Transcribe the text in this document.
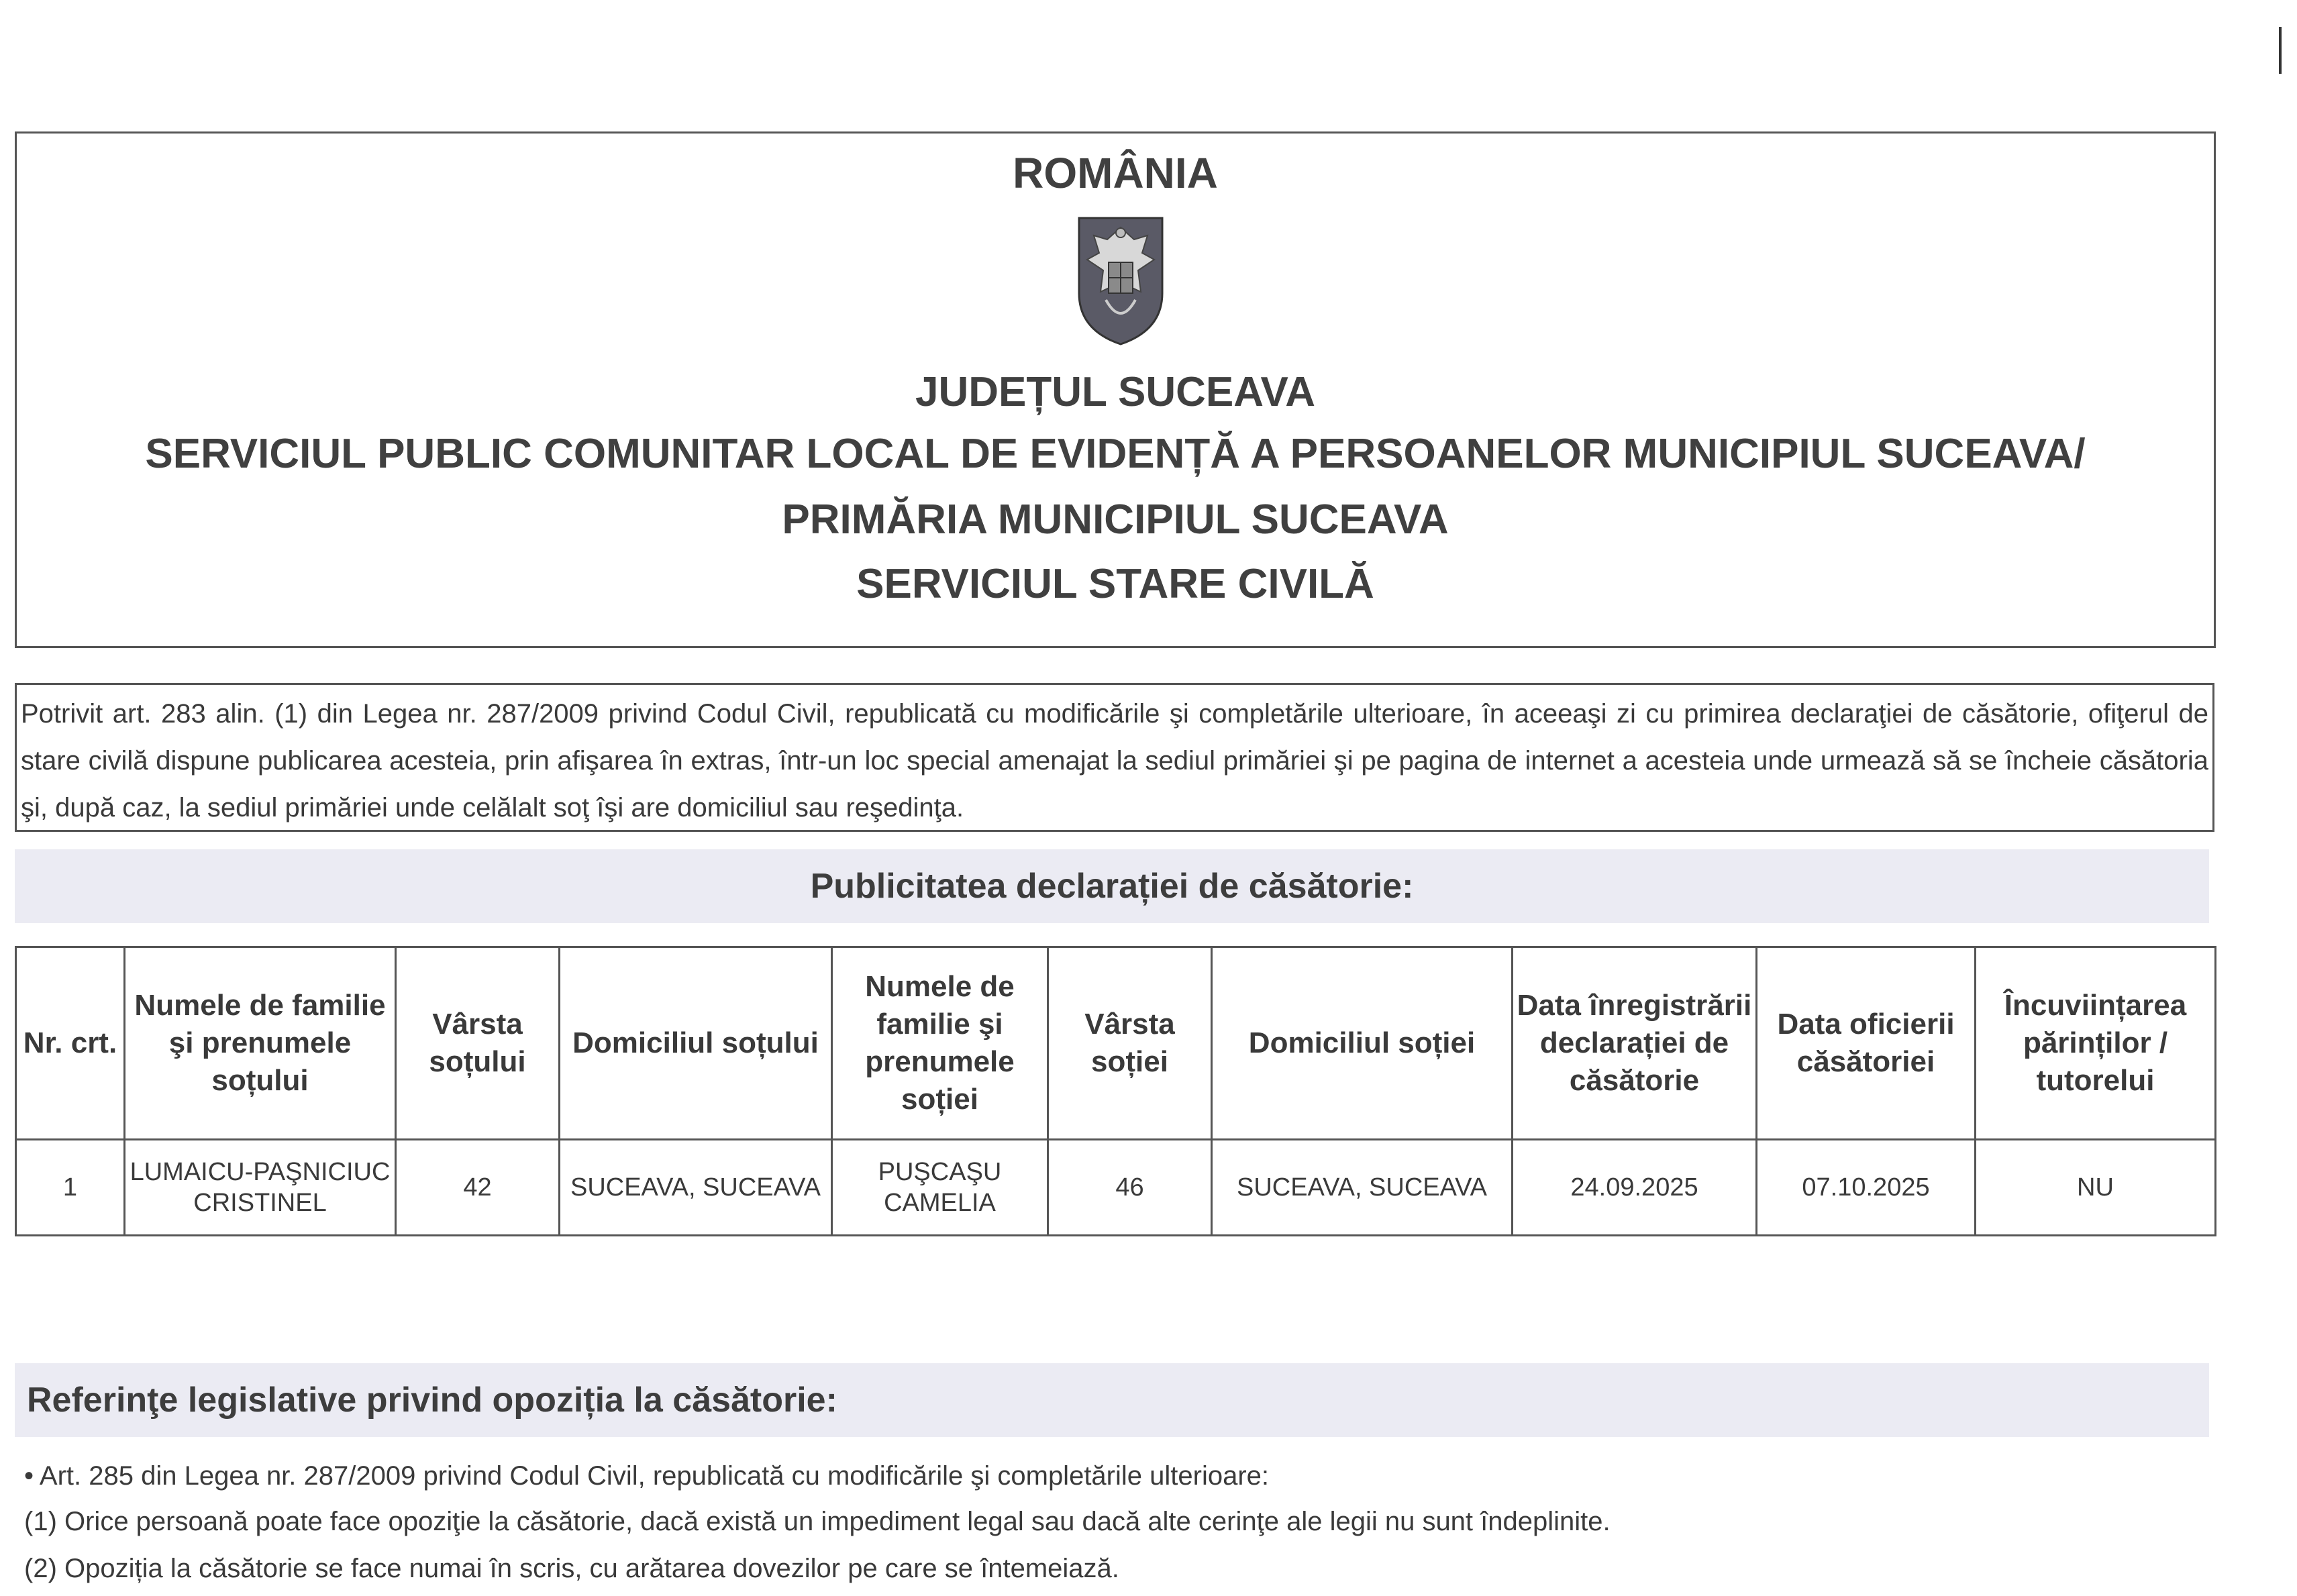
ROMÂNIA
JUDEȚUL SUCEAVA
SERVICIUL PUBLIC COMUNITAR LOCAL DE EVIDENȚĂ A PERSOANELOR MUNICIPIUL SUCEAVA/
PRIMĂRIA MUNICIPIUL SUCEAVA
SERVICIUL STARE CIVILĂ
Potrivit art. 283 alin. (1) din Legea nr. 287/2009 privind Codul Civil, republicată cu modificările şi completările ulterioare, în aceeaşi zi cu primirea declaraţiei de căsătorie, ofiţerul de stare civilă dispune publicarea acesteia, prin afişarea în extras, într-un loc special amenajat la sediul primăriei şi pe pagina de internet a acesteia unde urmează să se încheie căsătoria şi, după caz, la sediul primăriei unde celălalt soţ îşi are domiciliul sau reşedinţa.
Publicitatea declarației de căsătorie:
Nr. crt.	Numele de familie şi prenumele soțului	Vârsta soțului	Domiciliul soțului	Numele de familie şi prenumele soției	Vârsta soției	Domiciliul soției	Data înregistrării declarației de căsătorie	Data oficierii căsătoriei	Încuviințarea părinților / tutorelui
1	LUMAICU-PAŞNICIUC CRISTINEL	42	SUCEAVA, SUCEAVA	PUŞCAŞU CAMELIA	46	SUCEAVA, SUCEAVA	24.09.2025	07.10.2025	NU
Referinţe legislative privind opoziția la căsătorie:
• Art. 285 din Legea nr. 287/2009 privind Codul Civil, republicată cu modificările şi completările ulterioare:
(1) Orice persoană poate face opoziţie la căsătorie, dacă există un impediment legal sau dacă alte cerinţe ale legii nu sunt îndeplinite.
(2) Opoziția la căsătorie se face numai în scris, cu arătarea dovezilor pe care se întemeiază.
